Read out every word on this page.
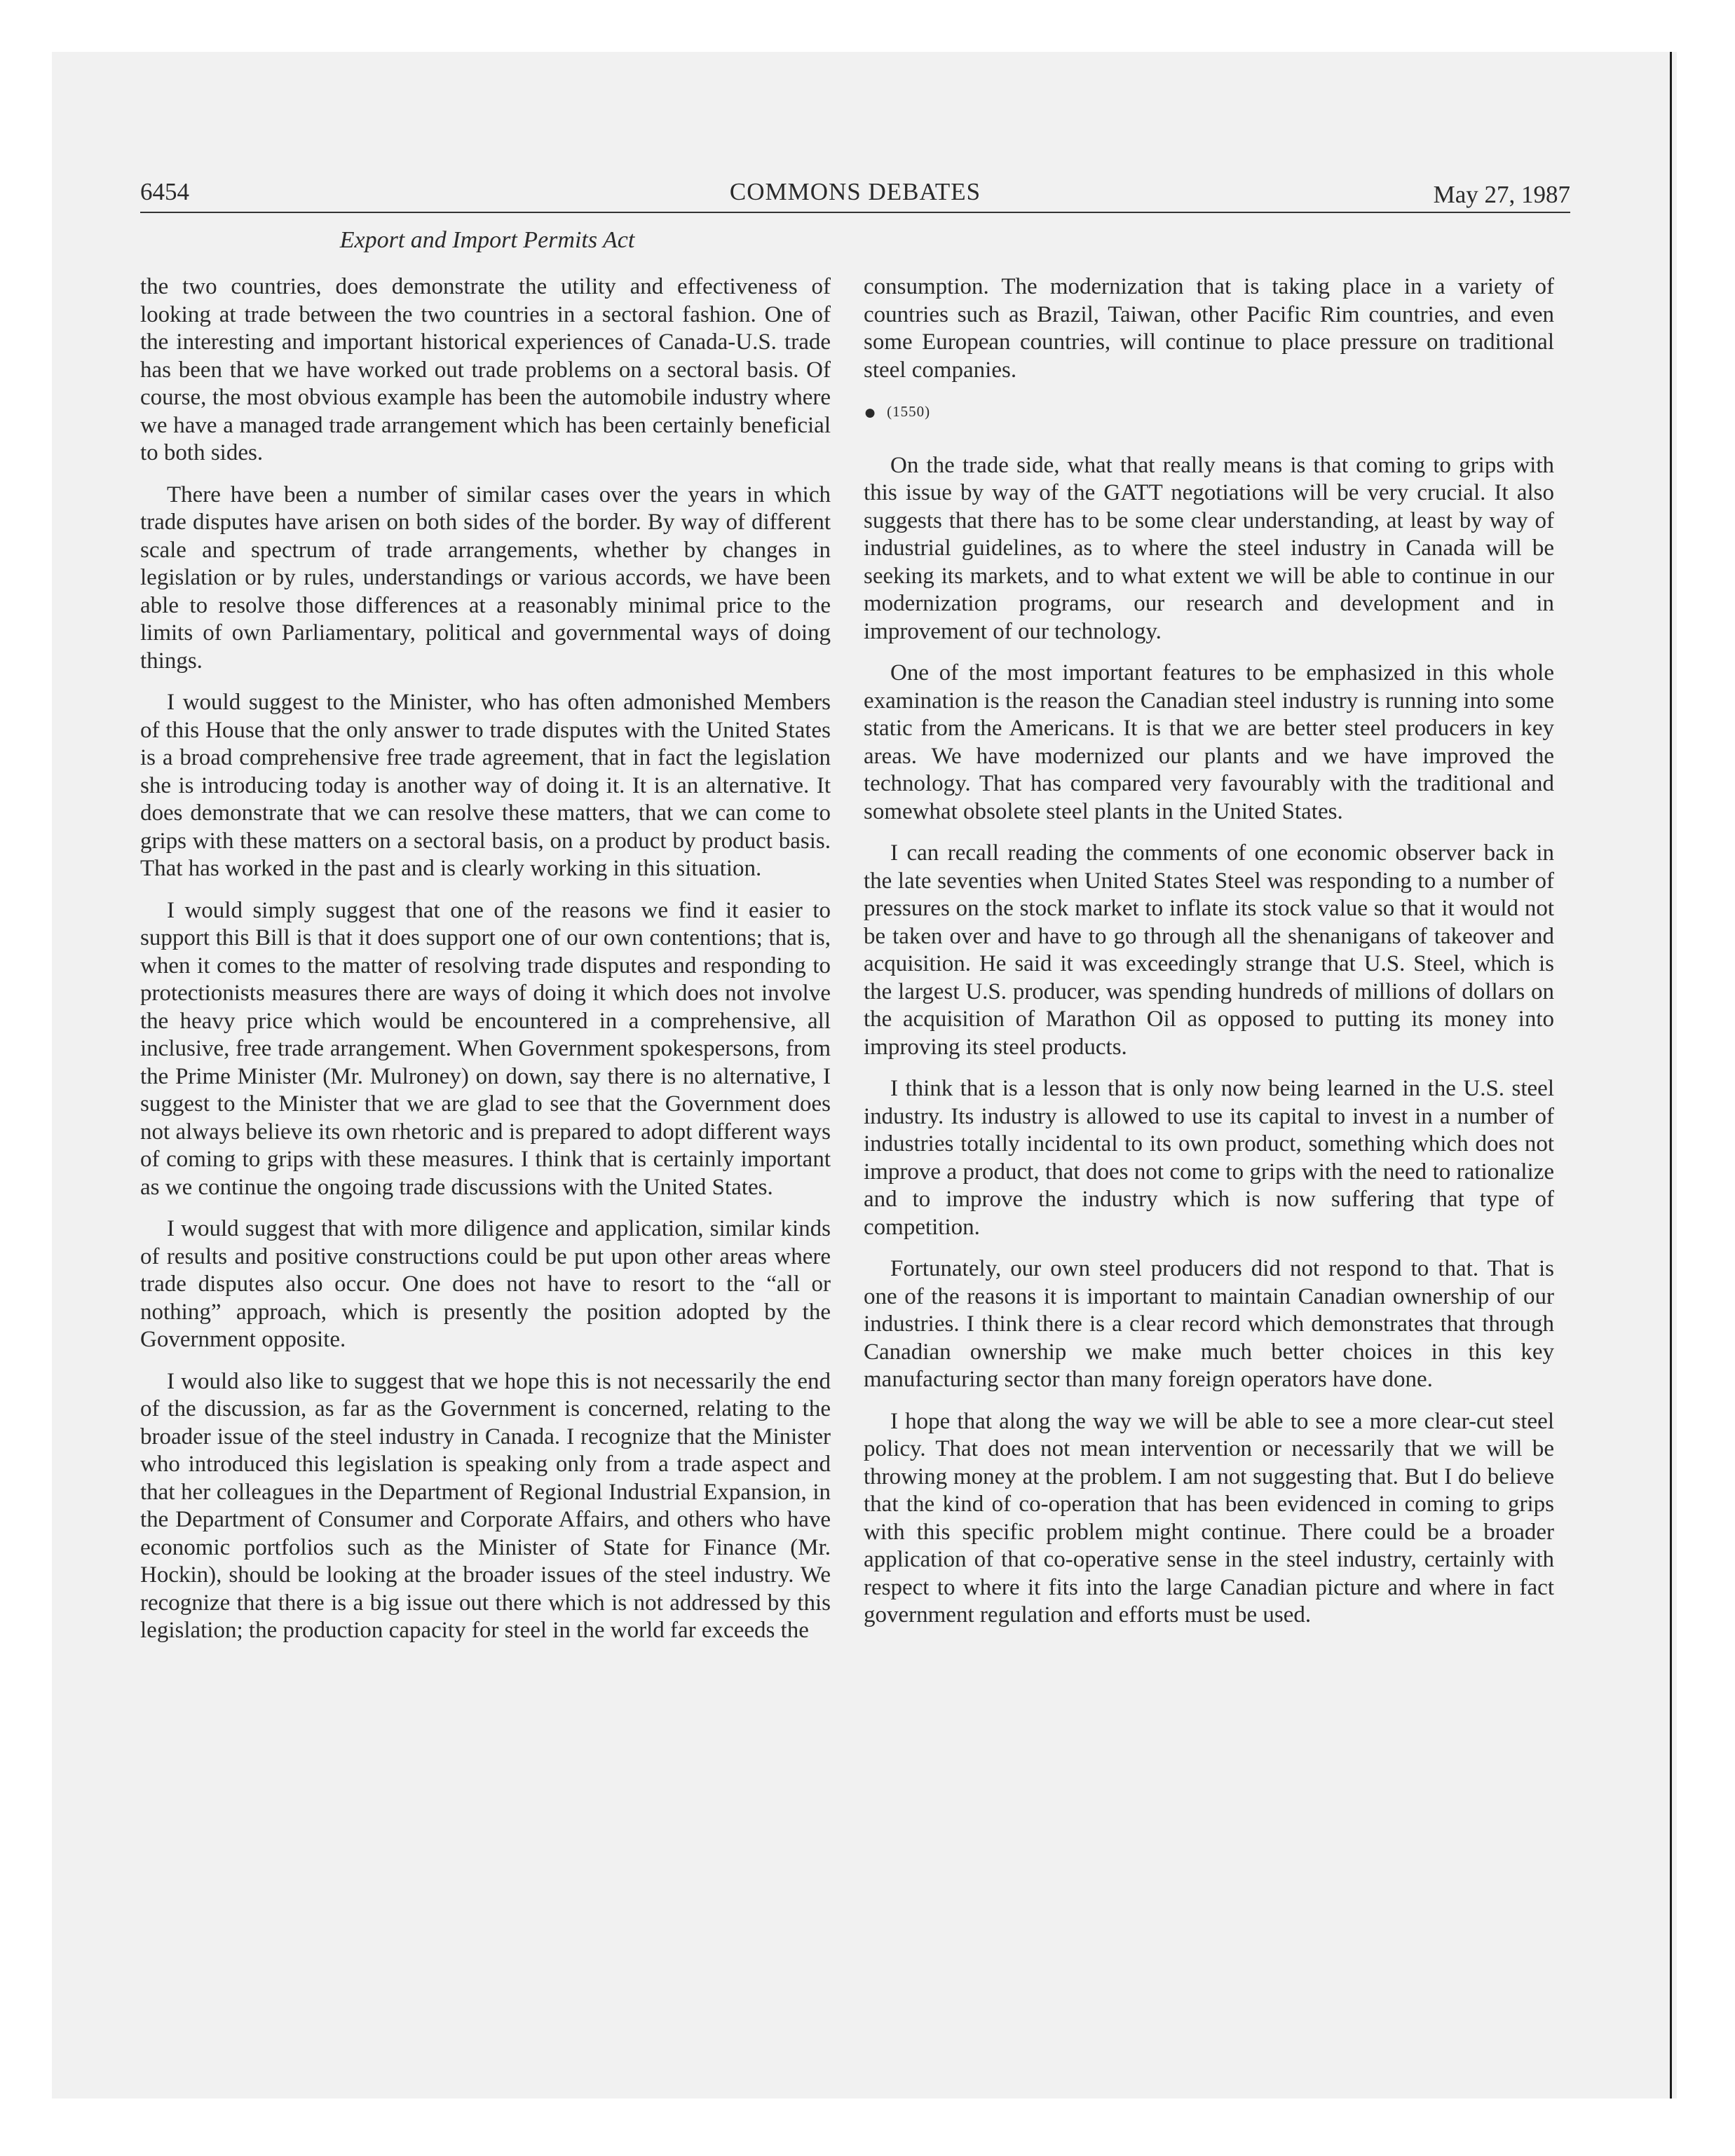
6454	COMMONS DEBATES	May 27, 1987
Export and Import Permits Act

the two countries, does demonstrate the utility and effectiveness of looking at trade between the two countries in a sectoral fashion. One of the interesting and important historical experiences of Canada-U.S. trade has been that we have worked out trade problems on a sectoral basis. Of course, the most obvious example has been the automobile industry where we have a managed trade arrangement which has been certainly beneficial to both sides.

There have been a number of similar cases over the years in which trade disputes have arisen on both sides of the border. By way of different scale and spectrum of trade arrangements, whether by changes in legislation or by rules, understandings or various accords, we have been able to resolve those differences at a reasonably minimal price to the limits of own Parliamentary, political and governmental ways of doing things.

I would suggest to the Minister, who has often admonished Members of this House that the only answer to trade disputes with the United States is a broad comprehensive free trade agreement, that in fact the legislation she is introducing today is another way of doing it. It is an alternative. It does demonstrate that we can resolve these matters, that we can come to grips with these matters on a sectoral basis, on a product by product basis. That has worked in the past and is clearly working in this situation.

I would simply suggest that one of the reasons we find it easier to support this Bill is that it does support one of our own contentions; that is, when it comes to the matter of resolving trade disputes and responding to protectionists measures there are ways of doing it which does not involve the heavy price which would be encountered in a comprehensive, all inclusive, free trade arrangement. When Government spokespersons, from the Prime Minister (Mr. Mulroney) on down, say there is no alternative, I suggest to the Minister that we are glad to see that the Government does not always believe its own rhetoric and is prepared to adopt different ways of coming to grips with these measures. I think that is certainly important as we continue the ongoing trade discussions with the United States.

I would suggest that with more diligence and application, similar kinds of results and positive constructions could be put upon other areas where trade disputes also occur. One does not have to resort to the “all or nothing” approach, which is presently the position adopted by the Government opposite.

I would also like to suggest that we hope this is not necessarily the end of the discussion, as far as the Government is concerned, relating to the broader issue of the steel industry in Canada. I recognize that the Minister who introduced this legislation is speaking only from a trade aspect and that her colleagues in the Department of Regional Industrial Expansion, in the Department of Consumer and Corporate Affairs, and others who have economic portfolios such as the Minister of State for Finance (Mr. Hockin), should be looking at the broader issues of the steel industry. We recognize that there is a big issue out there which is not addressed by this legislation; the production capacity for steel in the world far exceeds the

consumption. The modernization that is taking place in a variety of countries such as Brazil, Taiwan, other Pacific Rim countries, and even some European countries, will continue to place pressure on traditional steel companies.

● (1550)

On the trade side, what that really means is that coming to grips with this issue by way of the GATT negotiations will be very crucial. It also suggests that there has to be some clear understanding, at least by way of industrial guidelines, as to where the steel industry in Canada will be seeking its markets, and to what extent we will be able to continue in our modernization programs, our research and development and in improvement of our technology.

One of the most important features to be emphasized in this whole examination is the reason the Canadian steel industry is running into some static from the Americans. It is that we are better steel producers in key areas. We have modernized our plants and we have improved the technology. That has compared very favourably with the traditional and somewhat obsolete steel plants in the United States.

I can recall reading the comments of one economic observer back in the late seventies when United States Steel was responding to a number of pressures on the stock market to inflate its stock value so that it would not be taken over and have to go through all the shenanigans of takeover and acquisition. He said it was exceedingly strange that U.S. Steel, which is the largest U.S. producer, was spending hundreds of millions of dollars on the acquisition of Marathon Oil as opposed to putting its money into improving its steel products.

I think that is a lesson that is only now being learned in the U.S. steel industry. Its industry is allowed to use its capital to invest in a number of industries totally incidental to its own product, something which does not improve a product, that does not come to grips with the need to rationalize and to improve the industry which is now suffering that type of competition.

Fortunately, our own steel producers did not respond to that. That is one of the reasons it is important to maintain Canadian ownership of our industries. I think there is a clear record which demonstrates that through Canadian ownership we make much better choices in this key manufacturing sector than many foreign operators have done.

I hope that along the way we will be able to see a more clear-cut steel policy. That does not mean intervention or necessarily that we will be throwing money at the problem. I am not suggesting that. But I do believe that the kind of co-operation that has been evidenced in coming to grips with this specific problem might continue. There could be a broader application of that co-operative sense in the steel industry, certainly with respect to where it fits into the large Canadian picture and where in fact government regulation and efforts must be used.
